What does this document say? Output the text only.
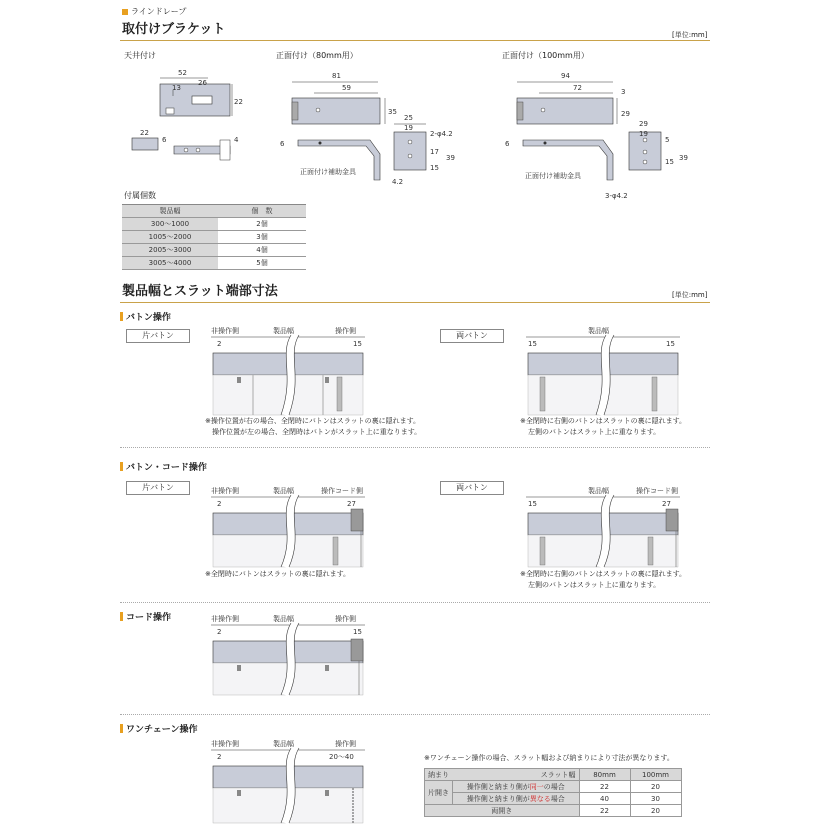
ラインドレープ
取付けブラケット	[単位:mm]
天井付け	正面付け（80mm用）	正面付け（100mm用）
52
13
26
22
22
6	4
81
59
35
25
19
2-φ4.2
17
39
15
4.2
6
正面付け補助金具
94
72	3
29
29
19
5
39
15
3-φ4.2
6
正面付け補助金具
付属個数
製品幅	個　数
300～1000	2個
1005～2000	3個
2005～3000	4個
3005～4000	5個
製品幅とスラット端部寸法	[単位:mm]
バトン操作
片バトン	両バトン
非操作側	製品幅	操作側
2	15
※操作位置が右の場合、全閉時にバトンはスラットの裏に隠れます。
操作位置が左の場合、全閉時はバトンがスラット上に重なります。
製品幅
15	15
※全閉時に右側のバトンはスラットの裏に隠れます。
左側のバトンはスラット上に重なります。
バトン・コード操作
片バトン	両バトン
非操作側	製品幅	操作コード側
2	27
※全閉時にバトンはスラットの裏に隠れます。
製品幅	操作コード側
15	27
※全閉時に右側のバトンはスラットの裏に隠れます。
左側のバトンはスラット上に重なります。
コード操作	非操作側	製品幅	操作側
2	15
ワンチェーン操作
非操作側	製品幅	操作側
2	20～40	※ワンチェーン操作の場合、スラット幅および納まりにより寸法が異なります。
納まり	スラット幅	80mm	100mm
片開き	操作側と納まり側が同一の場合	22	20
	操作側と納まり側が異なる場合	40	30
両開き		22	20
